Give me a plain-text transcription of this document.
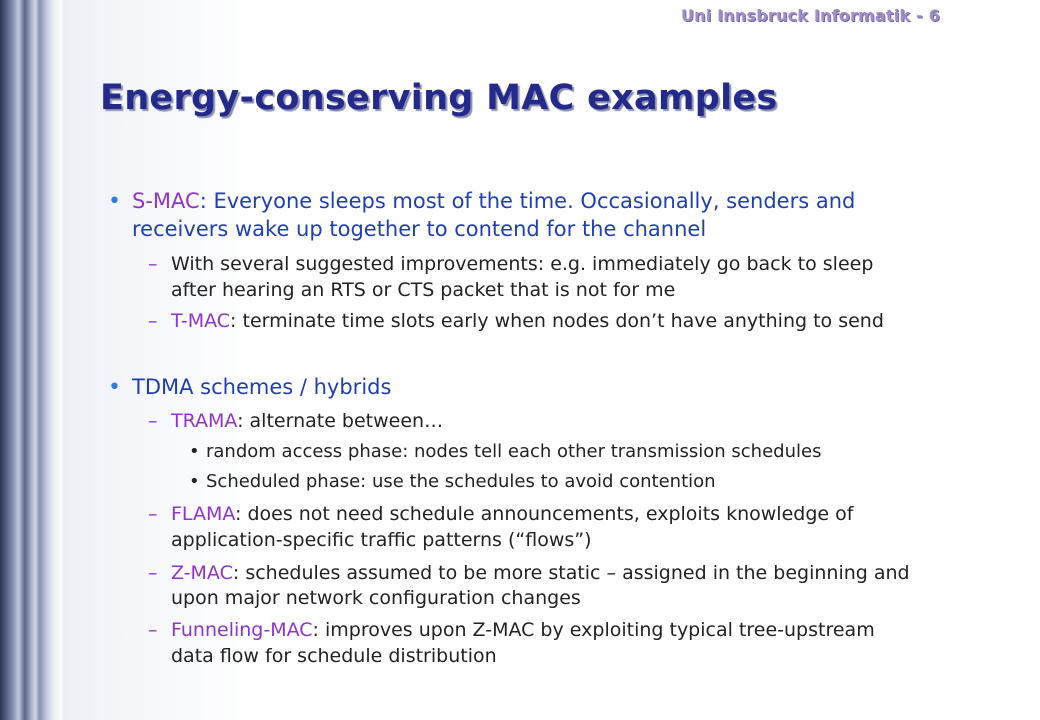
Uni Innsbruck Informatik - 6
Energy-conserving MAC examples
• S-MAC: Everyone sleeps most of the time. Occasionally, senders and
receivers wake up together to contend for the channel
– With several suggested improvements: e.g. immediately go back to sleep
after hearing an RTS or CTS packet that is not for me
– T-MAC: terminate time slots early when nodes don’t have anything to send
• TDMA schemes / hybrids
– TRAMA: alternate between…
• random access phase: nodes tell each other transmission schedules
• Scheduled phase: use the schedules to avoid contention
– FLAMA: does not need schedule announcements, exploits knowledge of
application-specific traffic patterns (“flows”)
– Z-MAC: schedules assumed to be more static – assigned in the beginning and
upon major network configuration changes
– Funneling-MAC: improves upon Z-MAC by exploiting typical tree-upstream
data flow for schedule distribution
